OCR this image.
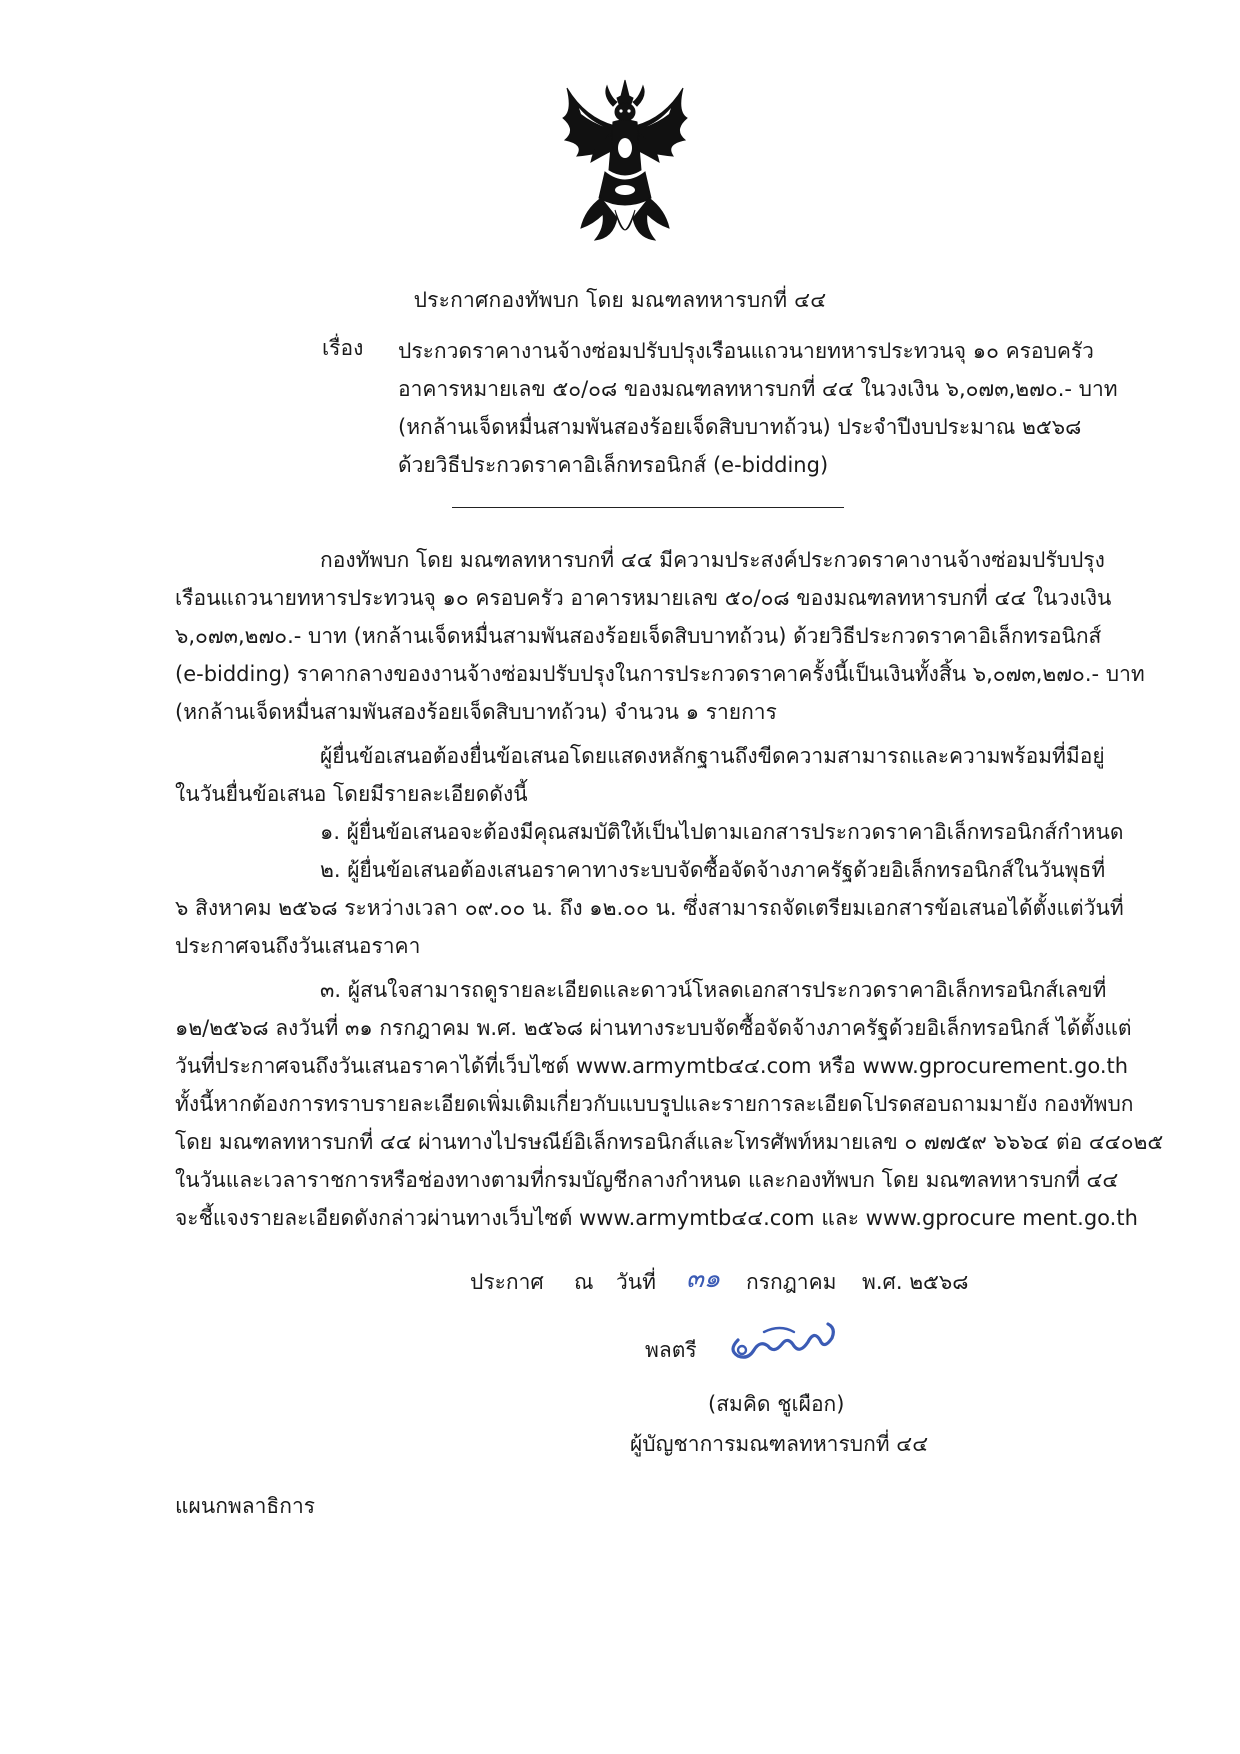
ประกาศกองทัพบก โดย มณฑลทหารบกที่ ๔๔
เรื่อง ประกวดราคางานจ้างซ่อมปรับปรุงเรือนแถวนายทหารประทวนจุ ๑๐ ครอบครัว
อาคารหมายเลข ๕๐/๐๘ ของมณฑลทหารบกที่ ๔๔ ในวงเงิน ๖,๐๗๓,๒๗๐.- บาท
(หกล้านเจ็ดหมื่นสามพันสองร้อยเจ็ดสิบบาทถ้วน) ประจำปีงบประมาณ ๒๕๖๘
ด้วยวิธีประกวดราคาอิเล็กทรอนิกส์ (e-bidding)
กองทัพบก โดย มณฑลทหารบกที่ ๔๔ มีความประสงค์ประกวดราคางานจ้างซ่อมปรับปรุง
เรือนแถวนายทหารประทวนจุ ๑๐ ครอบครัว อาคารหมายเลข ๕๐/๐๘ ของมณฑลทหารบกที่ ๔๔ ในวงเงิน
๖,๐๗๓,๒๗๐.- บาท (หกล้านเจ็ดหมื่นสามพันสองร้อยเจ็ดสิบบาทถ้วน) ด้วยวิธีประกวดราคาอิเล็กทรอนิกส์
(e-bidding) ราคากลางของงานจ้างซ่อมปรับปรุงในการประกวดราคาครั้งนี้เป็นเงินทั้งสิ้น ๖,๐๗๓,๒๗๐.- บาท
(หกล้านเจ็ดหมื่นสามพันสองร้อยเจ็ดสิบบาทถ้วน) จำนวน ๑ รายการ
ผู้ยื่นข้อเสนอต้องยื่นข้อเสนอโดยแสดงหลักฐานถึงขีดความสามารถและความพร้อมที่มีอยู่
ในวันยื่นข้อเสนอ โดยมีรายละเอียดดังนี้
๑. ผู้ยื่นข้อเสนอจะต้องมีคุณสมบัติให้เป็นไปตามเอกสารประกวดราคาอิเล็กทรอนิกส์กำหนด
๒. ผู้ยื่นข้อเสนอต้องเสนอราคาทางระบบจัดซื้อจัดจ้างภาครัฐด้วยอิเล็กทรอนิกส์ในวันพุธที่
๖ สิงหาคม ๒๕๖๘ ระหว่างเวลา ๐๙.๐๐ น. ถึง ๑๒.๐๐ น. ซึ่งสามารถจัดเตรียมเอกสารข้อเสนอได้ตั้งแต่วันที่
ประกาศจนถึงวันเสนอราคา
๓. ผู้สนใจสามารถดูรายละเอียดและดาวน์โหลดเอกสารประกวดราคาอิเล็กทรอนิกส์เลขที่
๑๒/๒๕๖๘ ลงวันที่ ๓๑ กรกฎาคม พ.ศ. ๒๕๖๘ ผ่านทางระบบจัดซื้อจัดจ้างภาครัฐด้วยอิเล็กทรอนิกส์ ได้ตั้งแต่
วันที่ประกาศจนถึงวันเสนอราคาได้ที่เว็บไซต์ www.armymtb๔๔.com หรือ www.gprocurement.go.th
ทั้งนี้หากต้องการทราบรายละเอียดเพิ่มเติมเกี่ยวกับแบบรูปและรายการละเอียดโปรดสอบถามมายัง กองทัพบก
โดย มณฑลทหารบกที่ ๔๔ ผ่านทางไปรษณีย์อิเล็กทรอนิกส์และโทรศัพท์หมายเลข ๐ ๗๗๕๙ ๖๖๖๔ ต่อ ๔๔๐๒๕
ในวันและเวลาราชการหรือช่องทางตามที่กรมบัญชีกลางกำหนด และกองทัพบก โดย มณฑลทหารบกที่ ๔๔
จะชี้แจงรายละเอียดดังกล่าวผ่านทางเว็บไซต์ www.armymtb๔๔.com และ www.gprocure ment.go.th
ประกาศ ณ วันที่ ๓๑ กรกฎาคม พ.ศ. ๒๕๖๘
พลตรี
(สมคิด ชูเผือก)
ผู้บัญชาการมณฑลทหารบกที่ ๔๔
แผนกพลาธิการ
